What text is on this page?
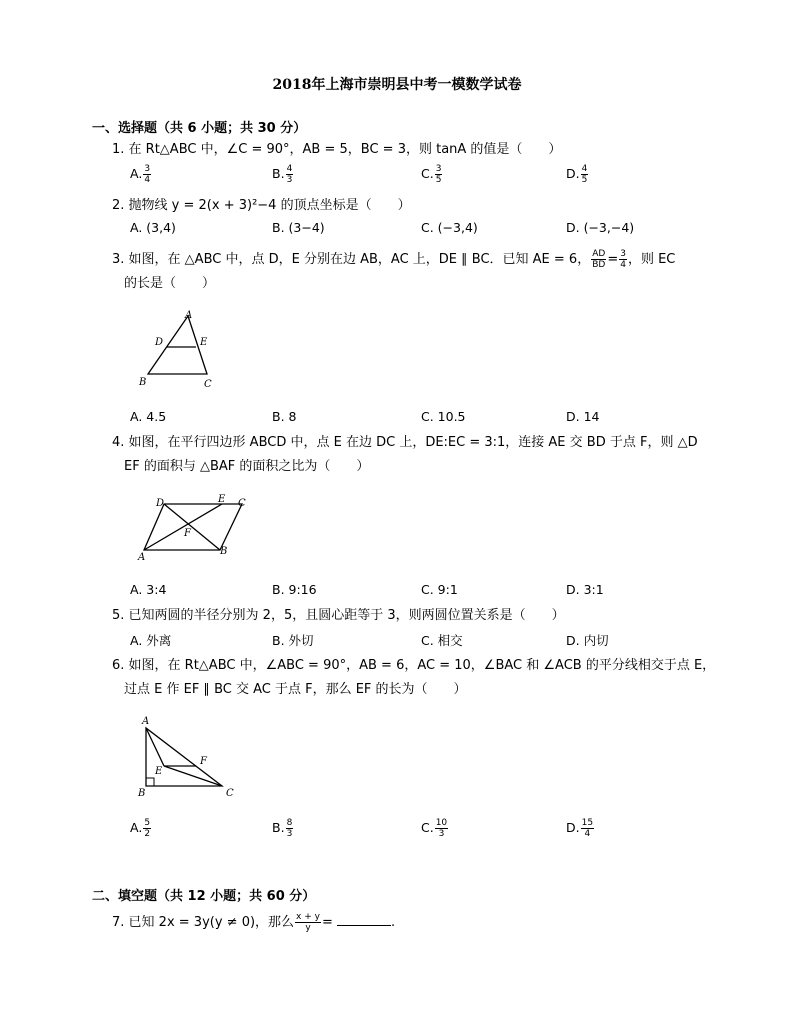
2018年上海市崇明县中考一模数学试卷
一、选择题（共 6 小题；共 30 分）
1. 在 Rt△ABC 中，∠C = 90°，AB = 5，BC = 3，则 tanA 的值是（　　）
A. $\frac{3}{4}$	B. $\frac{4}{3}$	C. $\frac{3}{5}$	D. $\frac{4}{5}$
2. 抛物线 y = 2(x + 3)²−4 的顶点坐标是（　　）
A. (3,4)	B. (3−4)	C. (−3,4)	D. (−3,−4)
3. 如图，在 △ABC 中，点 D，E 分别在边 AB，AC 上，DE ∥ BC．已知 AE = 6， $\frac{AD}{BD} = \frac{3}{4}$ ，则 EC
的长是（　　）
A
D	E
B	C
A. 4.5	B. 8	C. 10.5	D. 14
4. 如图，在平行四边形 ABCD 中，点 E 在边 DC 上，DE:EC = 3:1，连接 AE 交 BD 于点 F，则 △D
EF 的面积与 △BAF 的面积之比为（　　）
D	E C
F
A
B
A. 3:4	B. 9:16	C. 9:1	D. 3:1
5. 已知两圆的半径分别为 2，5，且圆心距等于 3，则两圆位置关系是（　　）
A. 外离	B. 外切	C. 相交	D. 内切
6. 如图，在 Rt△ABC 中，∠ABC = 90°，AB = 6，AC = 10，∠BAC 和 ∠ACB 的平分线相交于点 E，
过点 E 作 EF ∥ BC 交 AC 于点 F，那么 EF 的长为（　　）
A
E
F
B	C
A. $\frac{5}{2}$	B. $\frac{8}{3}$	C. $\frac{10}{3}$	D. $\frac{15}{4}$
二、填空题（共 12 小题；共 60 分）
7. 已知 2x = 3y(y ≠ 0)，那么 $\frac{x + y}{y}$ =	.
